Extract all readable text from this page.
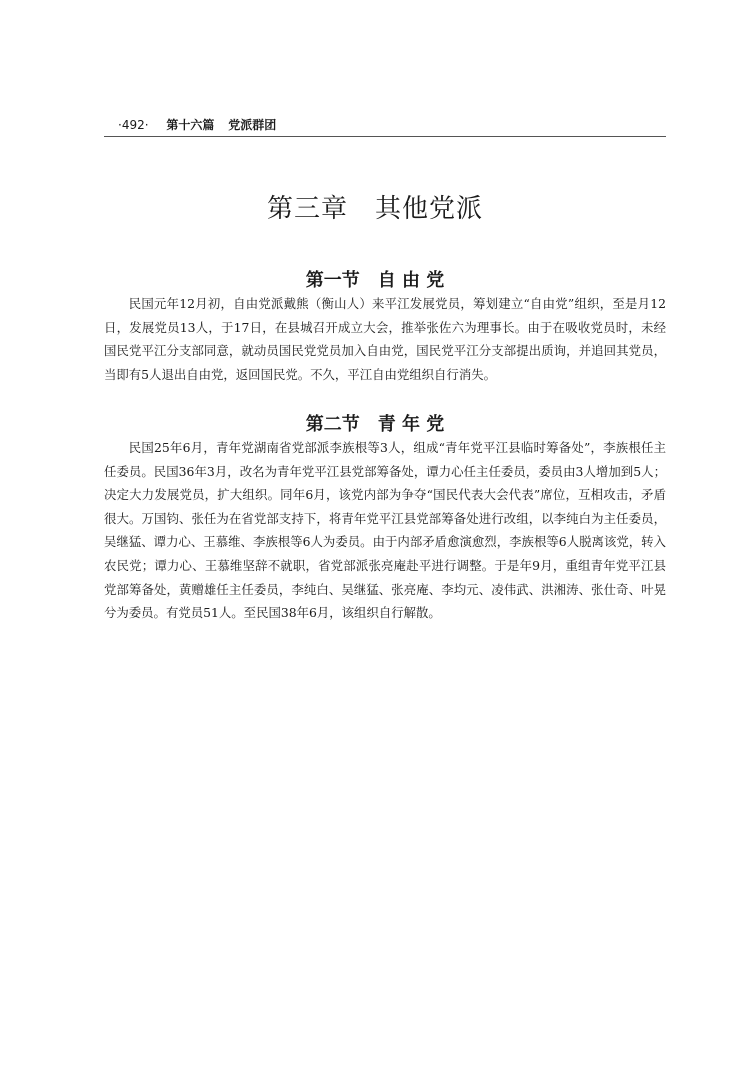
·492· 第十六篇 党派群团
第三章　其他党派
第一节　自 由 党

民国元年12月初，自由党派戴熊（衡山人）来平江发展党员，筹划建立“自由党”组织，至是月12日，发展党员13人，于17日，在县城召开成立大会，推举张佐六为理事长。由于在吸收党员时，未经国民党平江分支部同意，就动员国民党党员加入自由党，国民党平江分支部提出质询，并追回其党员，当即有5人退出自由党，返回国民党。不久，平江自由党组织自行消失。

第二节　青 年 党

民国25年6月，青年党湖南省党部派李族根等3人，组成“青年党平江县临时筹备处”，李族根任主任委员。民国36年3月，改名为青年党平江县党部筹备处，谭力心任主任委员，委员由3人增加到5人；决定大力发展党员，扩大组织。同年6月，该党内部为争夺“国民代表大会代表”席位，互相攻击，矛盾很大。万国钧、张任为在省党部支持下，将青年党平江县党部筹备处进行改组，以李纯白为主任委员，吴继猛、谭力心、王慕维、李族根等6人为委员。由于内部矛盾愈演愈烈，李族根等6人脱离该党，转入农民党；谭力心、王慕维坚辞不就职，省党部派张亮庵赴平进行调整。于是年9月，重组青年党平江县党部筹备处，黄赠雄任主任委员，李纯白、吴继猛、张亮庵、李均元、凌伟武、洪湘涛、张仕奇、叶晃兮为委员。有党员51人。至民国38年6月，该组织自行解散。
